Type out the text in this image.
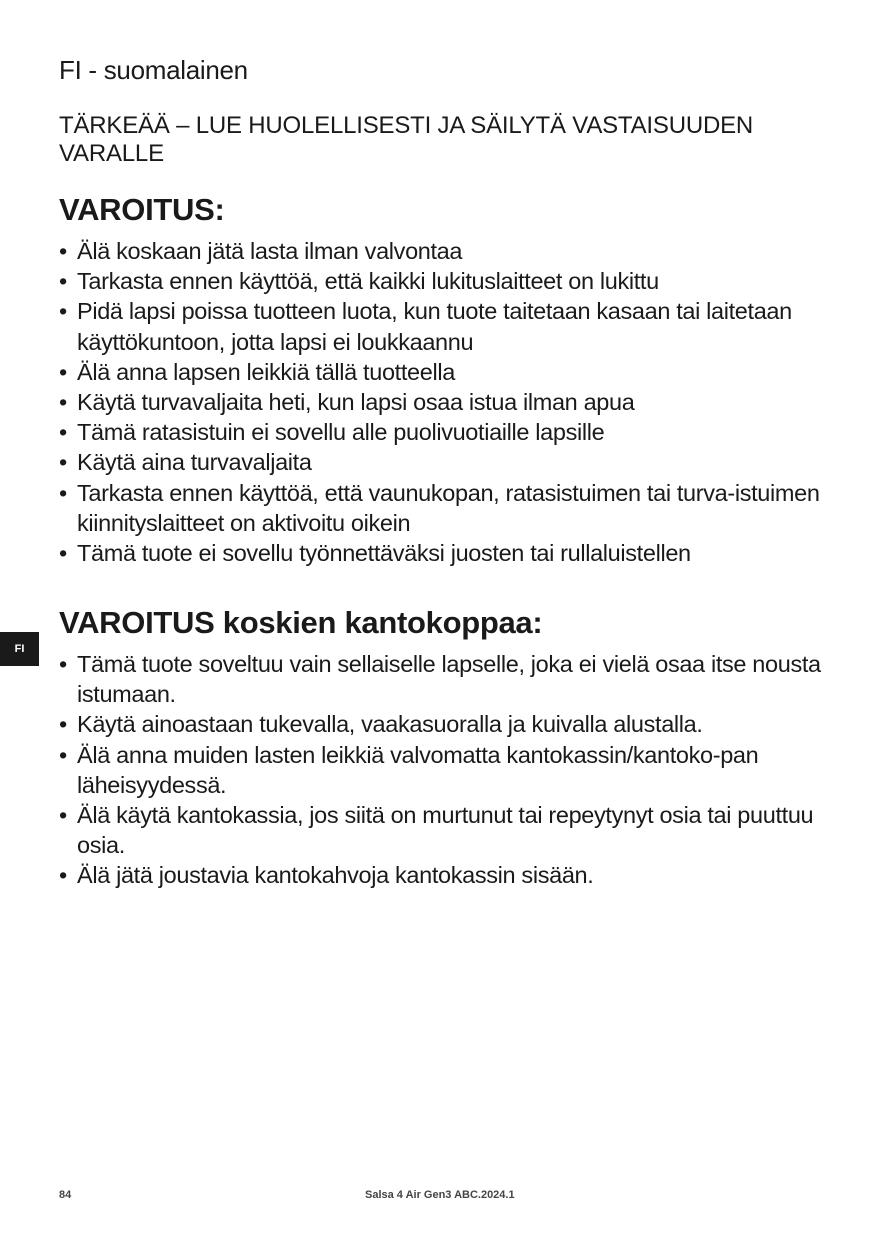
FI - suomalainen
TÄRKEÄÄ – LUE HUOLELLISESTI JA SÄILYTÄ VASTAISUUDEN VARALLE
VAROITUS:
• Älä koskaan jätä lasta ilman valvontaa
• Tarkasta ennen käyttöä, että kaikki lukituslaitteet on lukittu
• Pidä lapsi poissa tuotteen luota, kun tuote taitetaan kasaan tai laitetaan käyttökuntoon, jotta lapsi ei loukkaannu
• Älä anna lapsen leikkiä tällä tuotteella
• Käytä turvavaljaita heti, kun lapsi osaa istua ilman apua
• Tämä ratasistuin ei sovellu alle puolivuotiaille lapsille
• Käytä aina turvavaljaita
• Tarkasta ennen käyttöä, että vaunukopan, ratasistuimen tai turva-istuimen kiinnityslaitteet on aktivoitu oikein
• Tämä tuote ei sovellu työnnettäväksi juosten tai rullaluistellen
VAROITUS koskien kantokoppaa:
• Tämä tuote soveltuu vain sellaiselle lapselle, joka ei vielä osaa itse nousta istumaan.
• Käytä ainoastaan tukevalla, vaakasuoralla ja kuivalla alustalla.
• Älä anna muiden lasten leikkiä valvomatta kantokassin/kantoko-pan läheisyydessä.
• Älä käytä kantokassia, jos siitä on murtunut tai repeytynyt osia tai puuttuu osia.
• Älä jätä joustavia kantokahvoja kantokassin sisään.
FI
84	Salsa 4 Air Gen3 ABC.2024.1
